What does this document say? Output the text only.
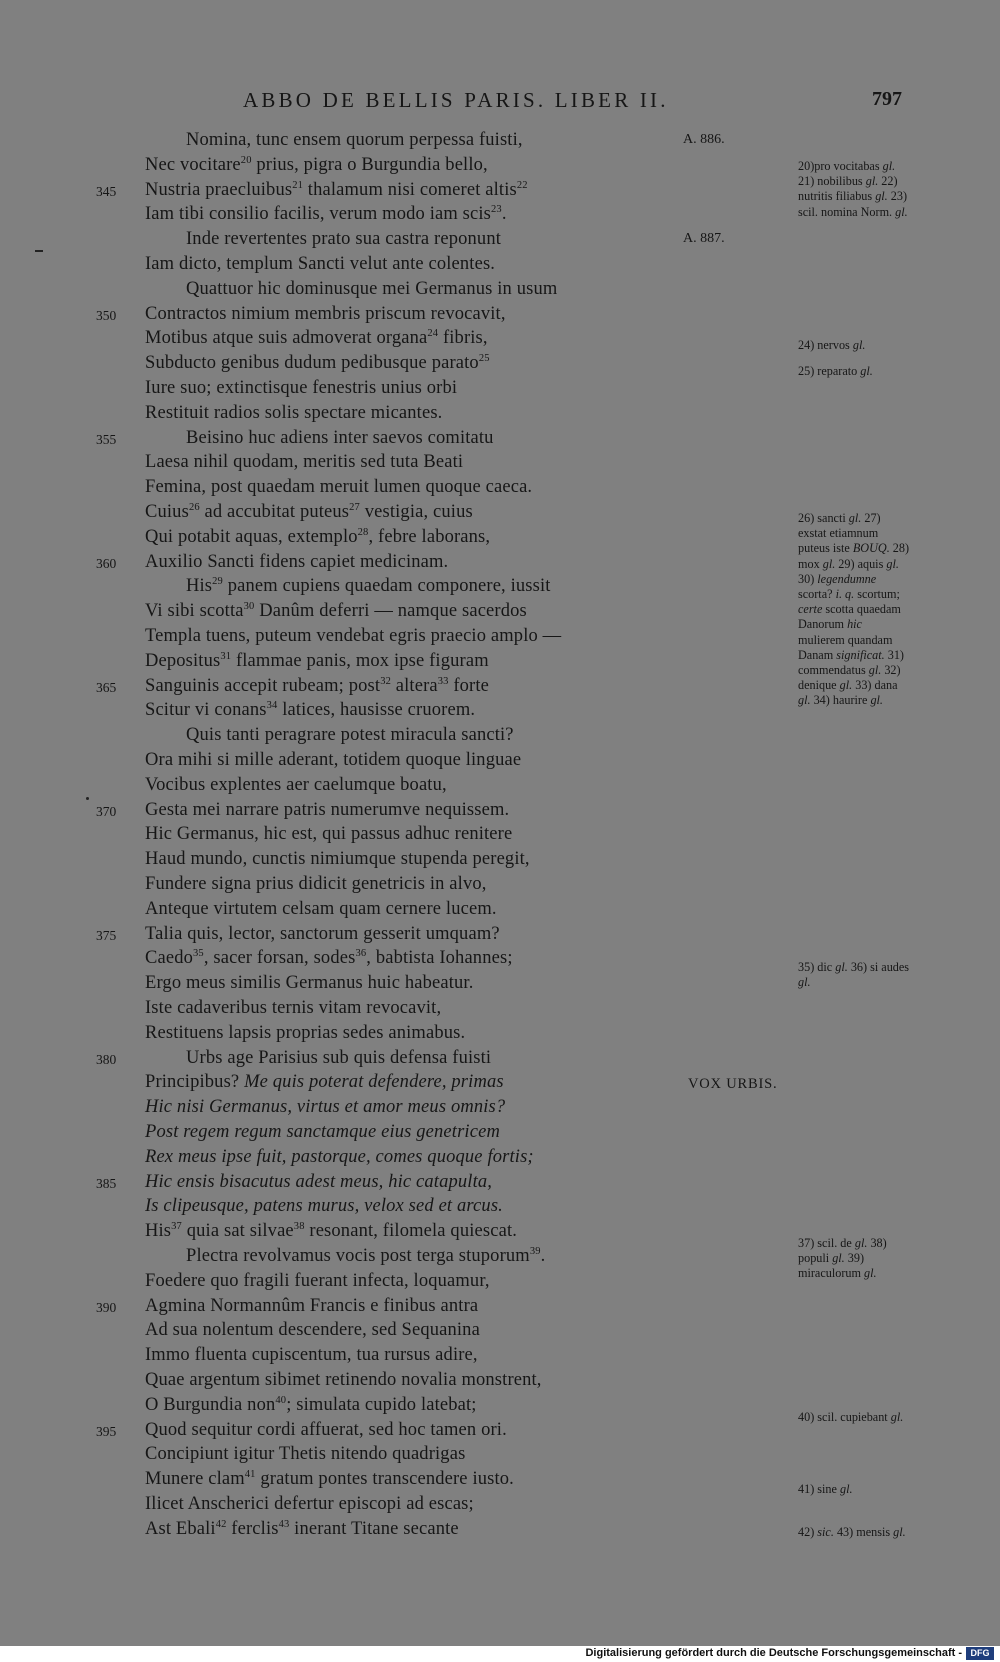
ABBO DE BELLIS PARIS. LIBER II.	797
Nomina, tunc ensem quorum perpessa fuisti,	A. 886.
Nec vocitare$^{20}$ prius, pigra o Burgundia bello,
345 Nustria praecluibus$^{21}$ thalamum nisi comeret altis$^{22}$
Iam tibi consilio facilis, verum modo iam scis$^{23}$.
Inde revertentes prato sua castra reponunt	A. 887.
Iam dicto, templum Sancti velut ante colentes.
Quattuor hic dominusque mei Germanus in usum
350 Contractos nimium membris priscum revocavit,
Motibus atque suis admoverat organa$^{24}$ fibris,
Subducto genibus dudum pedibusque parato$^{25}$
Iure suo; extinctisque fenestris unius orbi
Restituit radios solis spectare micantes.
355	Beisino huc adiens inter saevos comitatu
Laesa nihil quodam, meritis sed tuta Beati
Femina, post quaedam meruit lumen quoque caeca.
Cuius$^{26}$ ad accubitat puteus$^{27}$ vestigia, cuius
Qui potabit aquas, extemplo$^{28}$, febre laborans,
360 Auxilio Sancti fidens capiet medicinam.
His$^{29}$ panem cupiens quaedam componere, iussit
Vi sibi scotta$^{30}$ Danûm deferri — namque sacerdos
Templa tuens, puteum vendebat egris praecio amplo —
Depositus$^{31}$ flammae panis, mox ipse figuram
365 Sanguinis accepit rubeam; post$^{32}$ altera$^{33}$ forte
Scitur vi conans$^{34}$ latices, hausisse cruorem.
Quis tanti peragrare potest miracula sancti?
Ora mihi si mille aderant, totidem quoque linguae
Vocibus explentes aer caelumque boatu,
370 Gesta mei narrare patris numerumve nequissem.
Hic Germanus, hic est, qui passus adhuc renitere
Haud mundo, cunctis nimiumque stupenda peregit,
Fundere signa prius didicit genetricis in alvo,
Anteque virtutem celsam quam cernere lucem.
375 Talia quis, lector, sanctorum gesserit umquam?
Caedo$^{35}$, sacer forsan, sodes$^{36}$, babtista Iohannes;
Ergo meus similis Germanus huic habeatur.
Iste cadaveribus ternis vitam revocavit,
Restituens lapsis proprias sedes animabus.
380	Urbs age Parisius sub quis defensa fuisti
Principibus? Me quis poterat defendere, primas	VOX URBIS.
Hic nisi Germanus, virtus et amor meus omnis?
Post regem regum sanctamque eius genetricem
Rex meus ipse fuit, pastorque, comes quoque fortis;
385 Hic ensis bisacutus adest meus, hic catapulta,
Is clipeusque, patens murus, velox sed et arcus.
His$^{37}$ quia sat silvae$^{38}$ resonant, filomela quiescat.
Plectra revolvamus vocis post terga stuporum$^{39}$.
Foedere quo fragili fuerant infecta, loquamur,
390 Agmina Normannûm Francis e finibus antra
Ad sua nolentum descendere, sed Sequanina
Immo fluenta cupiscentum, tua rursus adire,
Quae argentum sibimet retinendo novalia monstrent,
O Burgundia non$^{40}$; simulata cupido latebat;
395 Quod sequitur cordi affuerat, sed hoc tamen ori.
Concipiunt igitur Thetis nitendo quadrigas
Munere clam$^{41}$ gratum pontes transcendere iusto.
Ilicet Anscherici defertur episcopi ad escas;
Ast Ebali$^{42}$ ferclis$^{43}$ inerant Titane secante
20)pro vocitabas gl. 21) nobilibus gl. 22) nutritis filiabus gl. 23) scil. nomina Norm. gl.
24) nervos gl.
25) reparato gl.
26) sancti gl. 27) exstat etiamnum puteus iste BOUQ. 28) mox gl. 29) aquis gl. 30) legendumne scorta? i. q. scortum; certe scotta quaedam Danorum hic mulierem quandam Danam significat. 31) commendatus gl. 32) denique gl. 33) dana gl. 34) haurire gl.
35) dic gl. 36) si audes gl.
37) scil. de gl. 38) populi gl. 39) miraculorum gl.
40) scil. cupiebant gl.
41) sine gl.
42) sic. 43) mensis gl.
Digitalisierung gefördert durch die Deutsche Forschungsgemeinschaft - DFG
